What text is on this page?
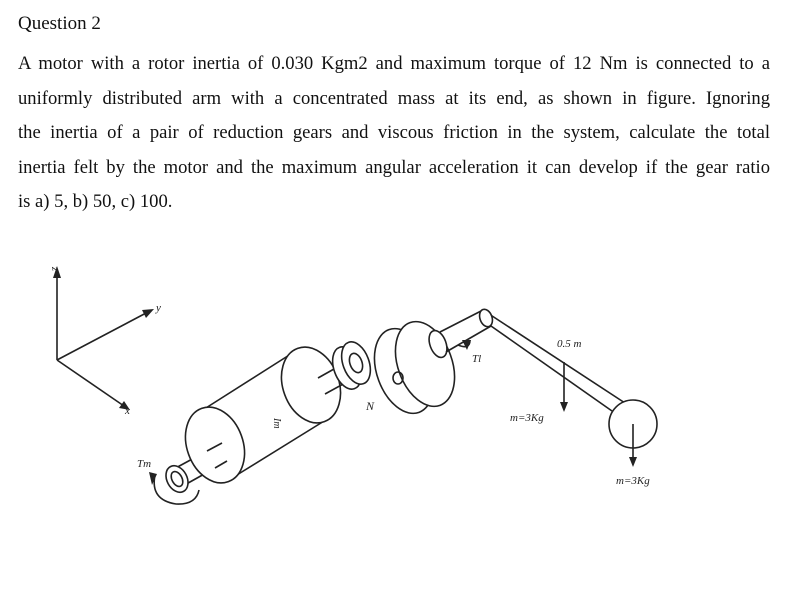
Question 2
A motor with a rotor inertia of 0.030 Kgm2 and maximum torque of 12 Nm is connected to a
uniformly distributed arm with a concentrated mass at its end, as shown in figure. Ignoring
the inertia of a pair of reduction gears and viscous friction in the system, calculate the total
inertia felt by the motor and the maximum angular acceleration it can develop if the gear ratio
is a) 5, b) 50, c) 100.
z
y
x
Tm
Im
N
Tl
0.5 m
m=3Kg
m=3Kg
